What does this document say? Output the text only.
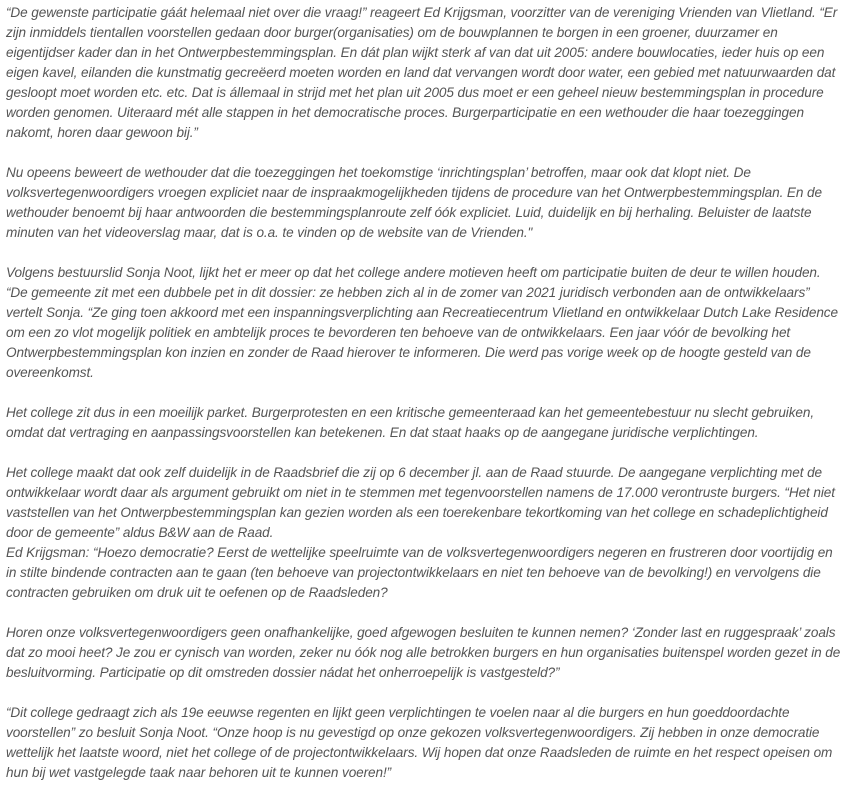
“De gewenste participatie gáát helemaal niet over die vraag!” reageert Ed Krijgsman, voorzitter van de vereniging Vrienden van Vlietland. “Er zijn inmiddels tientallen voorstellen gedaan door burger(organisaties) om de bouwplannen te borgen in een groener, duurzamer en eigentijdser kader dan in het Ontwerpbestemmingsplan. En dát plan wijkt sterk af van dat uit 2005: andere bouwlocaties, ieder huis op een eigen kavel, eilanden die kunstmatig gecreëerd moeten worden en land dat vervangen wordt door water, een gebied met natuurwaarden dat gesloopt moet worden etc. etc. Dat is állemaal in strijd met het plan uit 2005 dus moet er een geheel nieuw bestemmingsplan in procedure worden genomen. Uiteraard mét alle stappen in het democratische proces. Burgerparticipatie en een wethouder die haar toezeggingen nakomt, horen daar gewoon bij.”

Nu opeens beweert de wethouder dat die toezeggingen het toekomstige ‘inrichtingsplan’ betroffen, maar ook dat klopt niet. De volksvertegenwoordigers vroegen expliciet naar de inspraakmogelijkheden tijdens de procedure van het Ontwerpbestemmingsplan. En de wethouder benoemt bij haar antwoorden die bestemmingsplanroute zelf óók expliciet. Luid, duidelijk en bij herhaling. Beluister de laatste minuten van het videoverslag maar, dat is o.a. te vinden op de website van de Vrienden."

Volgens bestuurslid Sonja Noot, lijkt het er meer op dat het college andere motieven heeft om participatie buiten de deur te willen houden. “De gemeente zit met een dubbele pet in dit dossier: ze hebben zich al in de zomer van 2021 juridisch verbonden aan de ontwikkelaars” vertelt Sonja. “Ze ging toen akkoord met een inspanningsverplichting aan Recreatiecentrum Vlietland en ontwikkelaar Dutch Lake Residence om een zo vlot mogelijk politiek en ambtelijk proces te bevorderen ten behoeve van de ontwikkelaars. Een jaar vóór de bevolking het Ontwerpbestemmingsplan kon inzien en zonder de Raad hierover te informeren. Die werd pas vorige week op de hoogte gesteld van de overeenkomst.

Het college zit dus in een moeilijk parket. Burgerprotesten en een kritische gemeenteraad kan het gemeentebestuur nu slecht gebruiken, omdat dat vertraging en aanpassingsvoorstellen kan betekenen. En dat staat haaks op de aangegane juridische verplichtingen.

Het college maakt dat ook zelf duidelijk in de Raadsbrief die zij op 6 december jl. aan de Raad stuurde. De aangegane verplichting met de ontwikkelaar wordt daar als argument gebruikt om niet in te stemmen met tegenvoorstellen namens de 17.000 verontruste burgers. “Het niet vaststellen van het Ontwerpbestemmingsplan kan gezien worden als een toerekenbare tekortkoming van het college en schadeplichtigheid door de gemeente” aldus B&W aan de Raad.

Ed Krijgsman: “Hoezo democratie? Eerst de wettelijke speelruimte van de volksvertegenwoordigers negeren en frustreren door voortijdig en in stilte bindende contracten aan te gaan (ten behoeve van projectontwikkelaars en niet ten behoeve van de bevolking!) en vervolgens die contracten gebruiken om druk uit te oefenen op de Raadsleden?

Horen onze volksvertegenwoordigers geen onafhankelijke, goed afgewogen besluiten te kunnen nemen? ‘Zonder last en ruggespraak’ zoals dat zo mooi heet? Je zou er cynisch van worden, zeker nu óók nog alle betrokken burgers en hun organisaties buitenspel worden gezet in de besluitvorming. Participatie op dit omstreden dossier nádat het onherroepelijk is vastgesteld?”

“Dit college gedraagt zich als 19e eeuwse regenten en lijkt geen verplichtingen te voelen naar al die burgers en hun goeddoordachte voorstellen” zo besluit Sonja Noot. “Onze hoop is nu gevestigd op onze gekozen volksvertegenwoordigers. Zij hebben in onze democratie wettelijk het laatste woord, niet het college of de projectontwikkelaars. Wij hopen dat onze Raadsleden de ruimte en het respect opeisen om hun bij wet vastgelegde taak naar behoren uit te kunnen voeren!”
